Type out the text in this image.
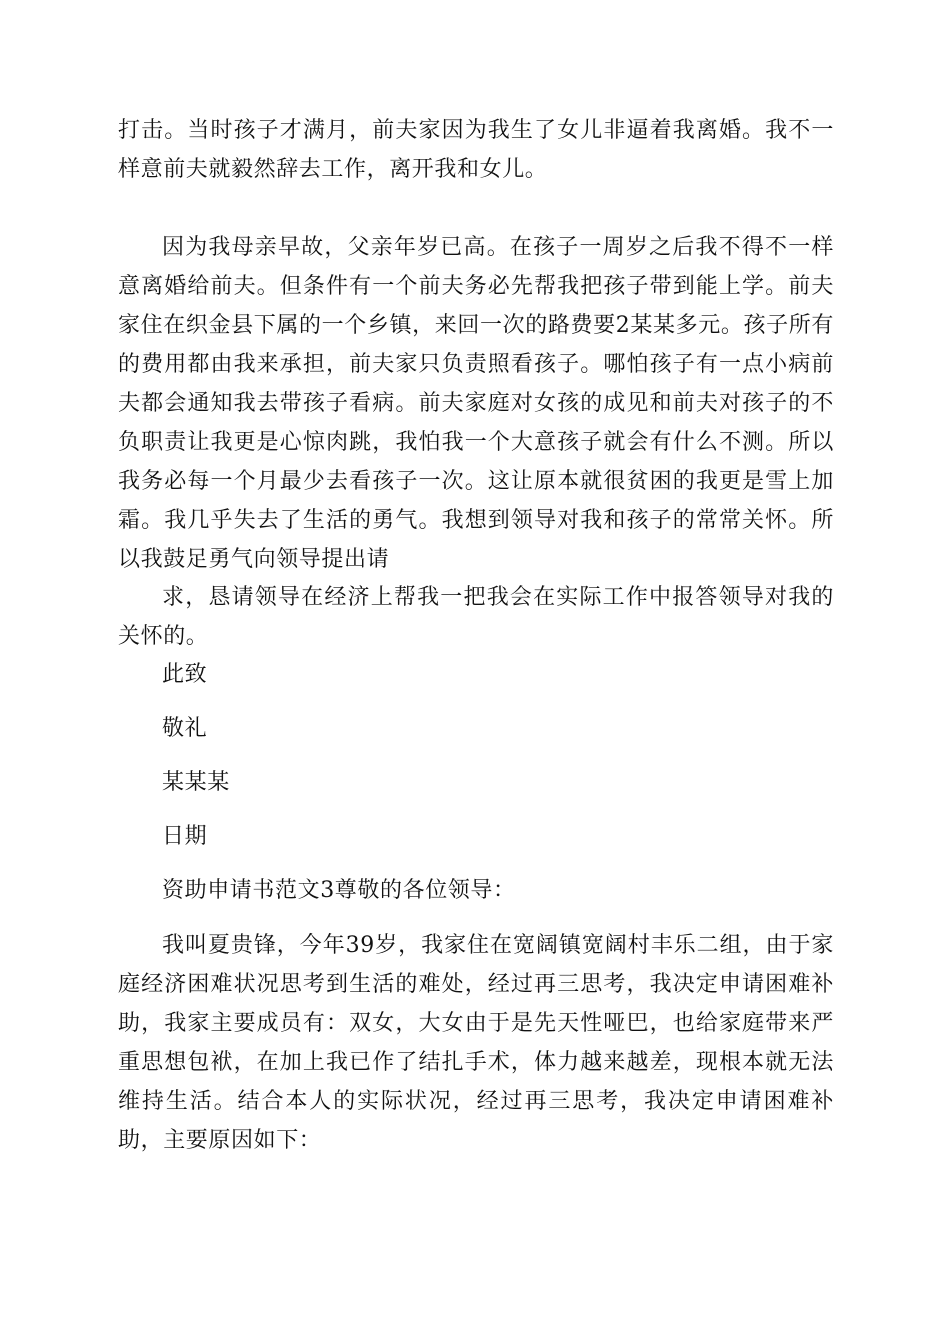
打击。当时孩子才满月，前夫家因为我生了女儿非逼着我离婚。我不一样意前夫就毅然辞去工作，离开我和女儿。
因为我母亲早故，父亲年岁已高。在孩子一周岁之后我不得不一样意离婚给前夫。但条件有一个前夫务必先帮我把孩子带到能上学。前夫家住在织金县下属的一个乡镇，来回一次的路费要2某某多元。孩子所有的费用都由我来承担，前夫家只负责照看孩子。哪怕孩子有一点小病前夫都会通知我去带孩子看病。前夫家庭对女孩的成见和前夫对孩子的不负职责让我更是心惊肉跳，我怕我一个大意孩子就会有什么不测。所以我务必每一个月最少去看孩子一次。这让原本就很贫困的我更是雪上加霜。我几乎失去了生活的勇气。我想到领导对我和孩子的常常关怀。所以我鼓足勇气向领导提出请
求，恳请领导在经济上帮我一把我会在实际工作中报答领导对我的关怀的。
此致
敬礼
某某某
日期
资助申请书范文3尊敬的各位领导：
我叫夏贵锋，今年39岁，我家住在宽阔镇宽阔村丰乐二组，由于家庭经济困难状况思考到生活的难处，经过再三思考，我决定申请困难补助，我家主要成员有：双女，大女由于是先天性哑巴，也给家庭带来严重思想包袱，在加上我已作了结扎手术，体力越来越差，现根本就无法维持生活。结合本人的实际状况，经过再三思考，我决定申请困难补助，主要原因如下：
